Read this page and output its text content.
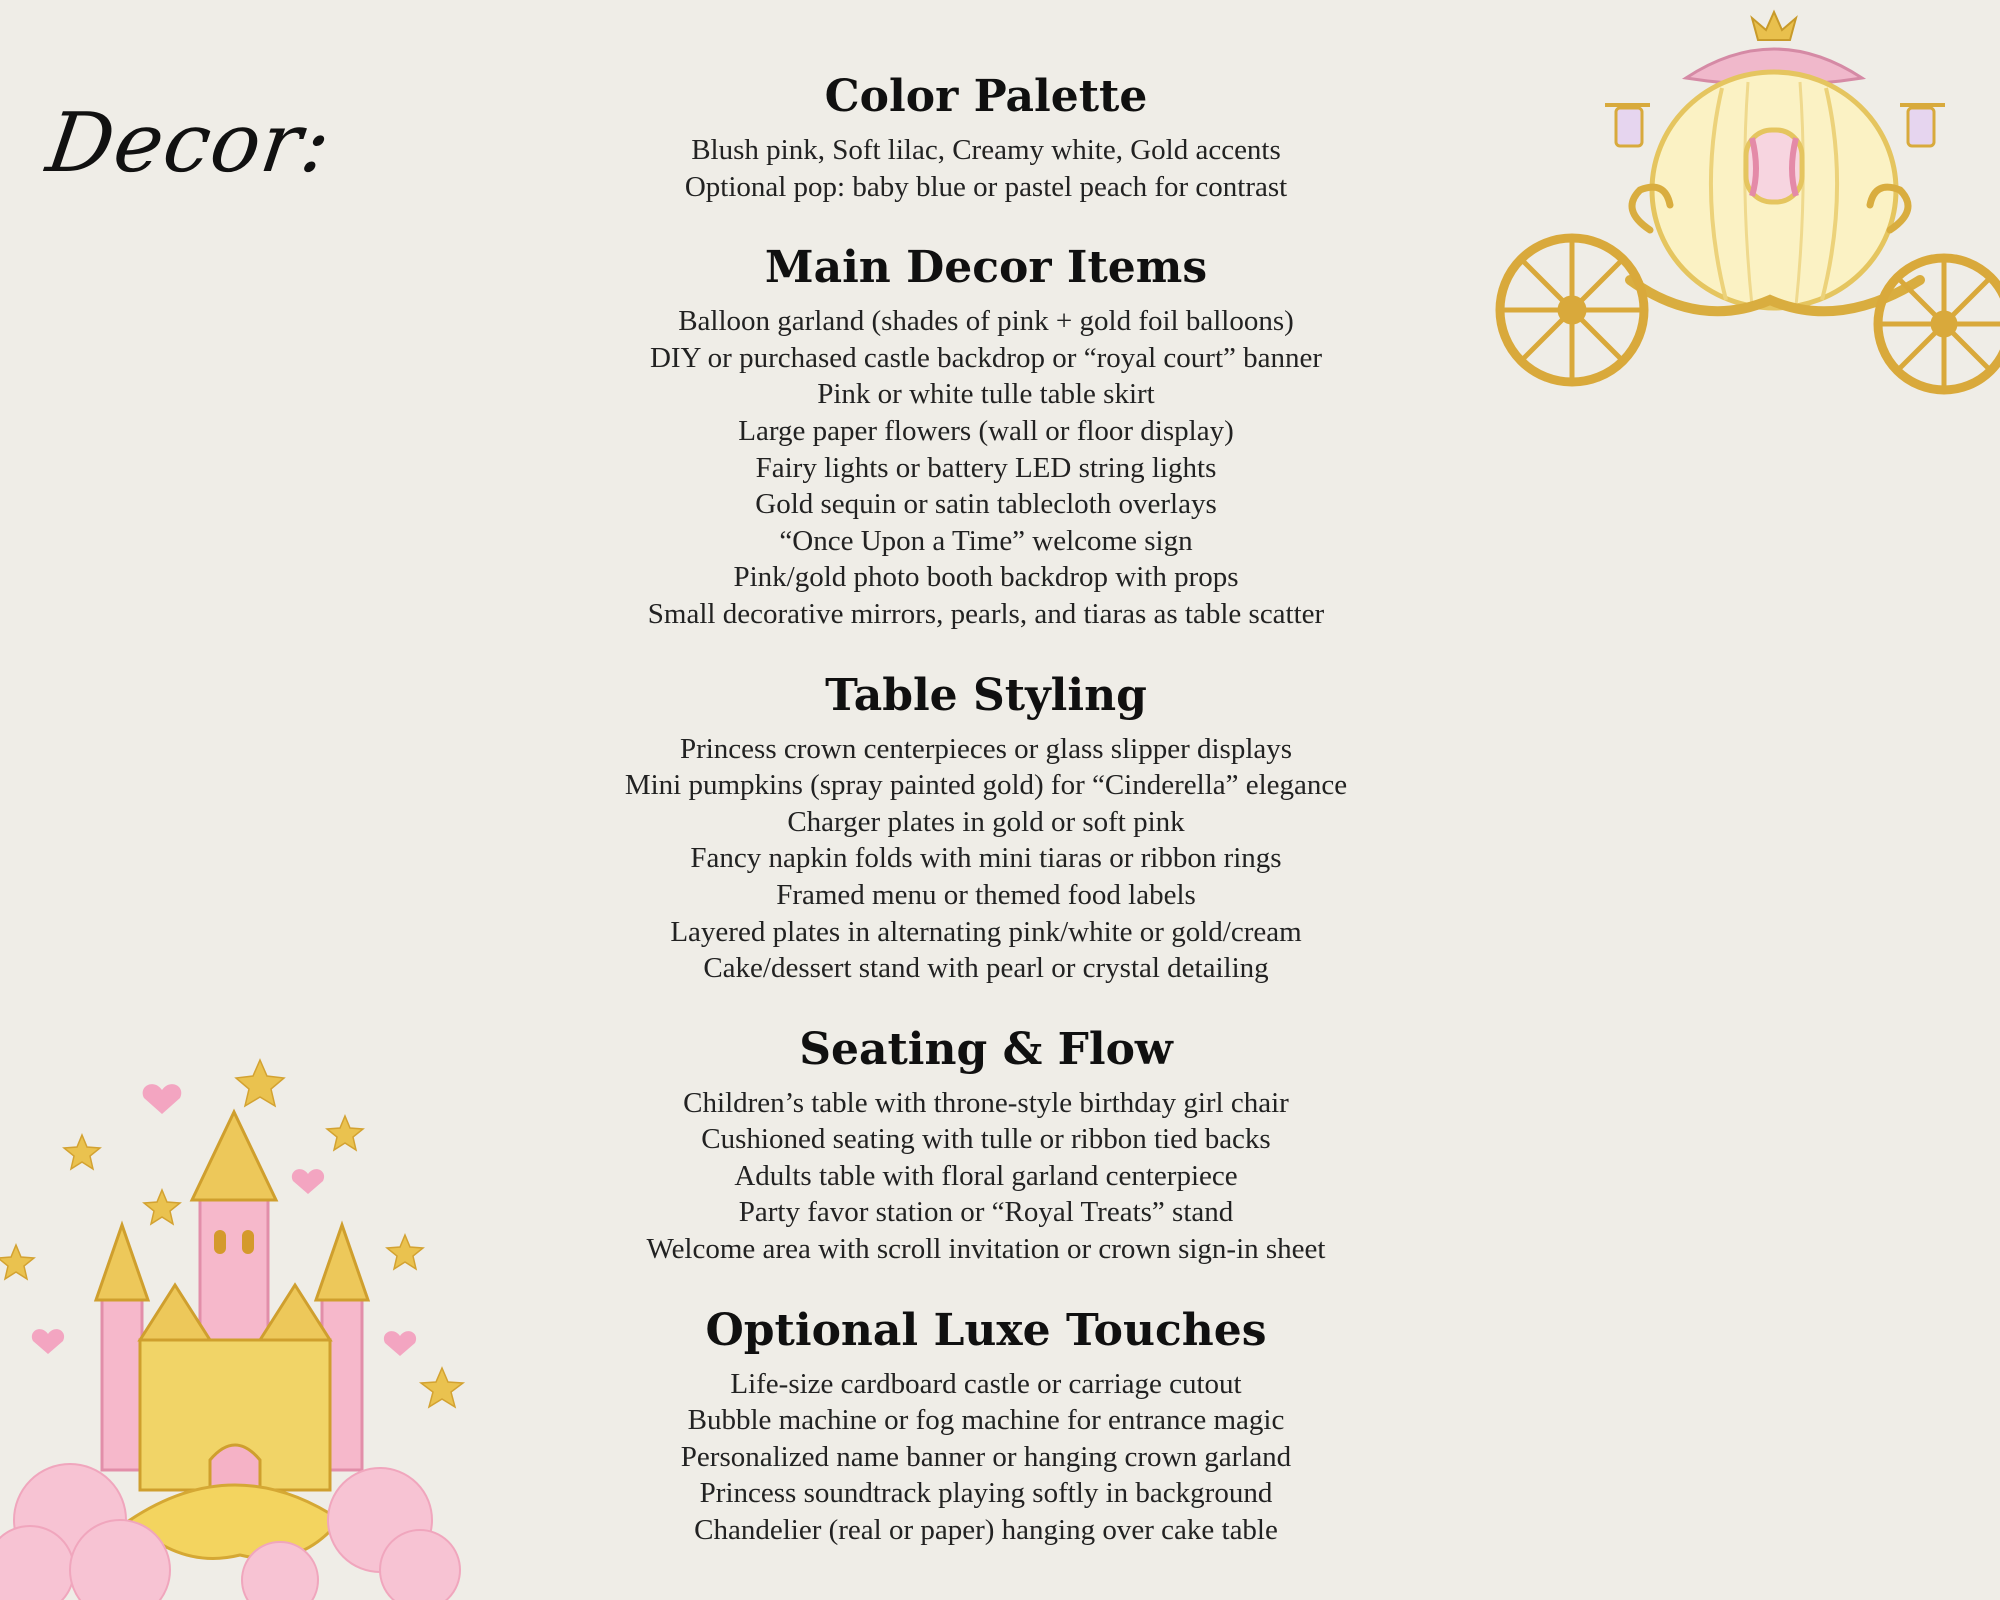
Decor:	Color Palette
Blush pink, Soft lilac, Creamy white, Gold accents
Optional pop: baby blue or pastel peach for contrast
Main Decor Items
Balloon garland (shades of pink + gold foil balloons)
DIY or purchased castle backdrop or “royal court” banner
Pink or white tulle table skirt
Large paper flowers (wall or floor display)
Fairy lights or battery LED string lights
Gold sequin or satin tablecloth overlays
“Once Upon a Time” welcome sign
Pink/gold photo booth backdrop with props
Small decorative mirrors, pearls, and tiaras as table scatter
Table Styling
Princess crown centerpieces or glass slipper displays
Mini pumpkins (spray painted gold) for “Cinderella” elegance
Charger plates in gold or soft pink
Fancy napkin folds with mini tiaras or ribbon rings
Framed menu or themed food labels
Layered plates in alternating pink/white or gold/cream
Cake/dessert stand with pearl or crystal detailing
Seating & Flow
Children’s table with throne-style birthday girl chair
Cushioned seating with tulle or ribbon tied backs
Adults table with floral garland centerpiece
Party favor station or “Royal Treats” stand
Welcome area with scroll invitation or crown sign-in sheet
Optional Luxe Touches
Life-size cardboard castle or carriage cutout
Bubble machine or fog machine for entrance magic
Personalized name banner or hanging crown garland
Princess soundtrack playing softly in background
Chandelier (real or paper) hanging over cake table
